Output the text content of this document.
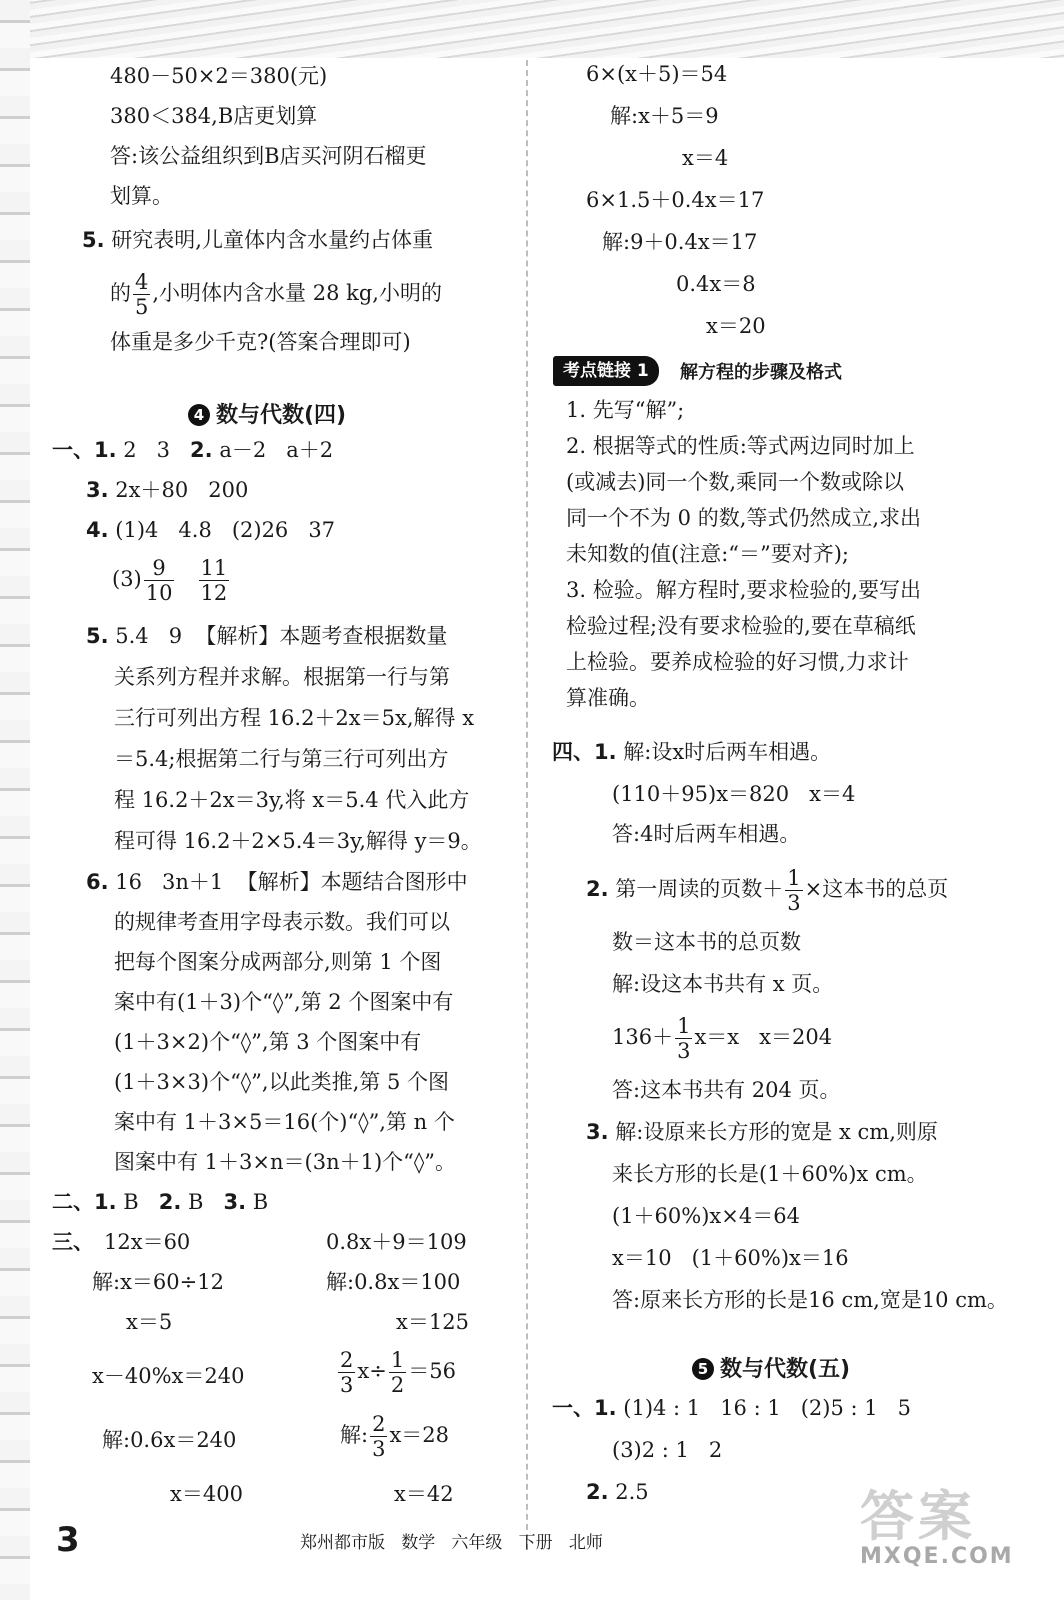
480－50×2＝380(元)
380＜384,B店更划算
答:该公益组织到B店买河阴石榴更
划算。
5. 研究表明,儿童体内含水量约占体重
的 $\frac{4}{5}$ ,小明体内含水量 28 kg,小明的
体重是多少千克?(答案合理即可)
4 数与代数(四)
一、1. 2   3   2. a－2   a＋2
3. 2x＋80   200
4. (1)4   4.8   (2)26   37
$(3) \frac{9}{10}$
$\frac{11}{12}$
5. 5.4   9  【解析】本题考查根据数量
关系列方程并求解。根据第一行与第
三行可列出方程 16.2＋2x＝5x,解得 x
＝5.4;根据第二行与第三行可列出方
程 16.2＋2x＝3y,将 x＝5.4 代入此方
程可得 16.2＋2×5.4＝3y,解得 y＝9。
6. 16   3n＋1  【解析】本题结合图形中
的规律考查用字母表示数。我们可以
把每个图案分成两部分,则第 1 个图
案中有(1＋3)个“◊”,第 2 个图案中有
(1＋3×2)个“◊”,第 3 个图案中有
(1＋3×3)个“◊”,以此类推,第 5 个图
案中有 1＋3×5＝16(个)“◊”,第 n 个
图案中有 1＋3×n＝(3n＋1)个“◊”。
二、1. B   2. B   3. B
三、 12x＝60
解:x＝60÷12
x＝5
0.8x＋9＝109
解:0.8x＝100
x＝125
x－40%x＝240
解:0.6x＝240
x＝400
$\frac{2}{3} x\div \frac{1}{2} =56$
解: $\frac{2}{3} x=28$
x＝42
6×(x＋5)＝54
解:x＋5＝9
x＝4
6×1.5＋0.4x＝17
解:9＋0.4x＝17
0.4x＝8
x＝20
考点链接 1	解方程的步骤及格式
1. 先写“解”;
2. 根据等式的性质:等式两边同时加上
(或减去)同一个数,乘同一个数或除以
同一个不为 0 的数,等式仍然成立,求出
未知数的值(注意:“＝”要对齐);
3. 检验。解方程时,要求检验的,要写出
检验过程;没有要求检验的,要在草稿纸
上检验。要养成检验的好习惯,力求计
算准确。
四、1. 解:设x时后两车相遇。
(110＋95)x＝820   x＝4
答:4时后两车相遇。
2. 第一周读的页数＋ $\frac{1}{3}$ ×这本书的总页
数＝这本书的总页数
解:设这本书共有 x 页。
$136+ \frac{1}{3} x=x$   x＝204
答:这本书共有 204 页。
3. 解:设原来长方形的宽是 x cm,则原
来长方形的长是(1＋60%)x cm。
(1＋60%)x×4＝64
x＝10   (1＋60%)x＝16
答:原来长方形的长是16 cm,宽是10 cm。
5 数与代数(五)
一、1. (1)4 : 1   16 : 1   (2)5 : 1   5
(3)2 : 1   2
2. 2.5
3	郑州都市版   数学   六年级   下册   北师	答案
MXQE.COM
